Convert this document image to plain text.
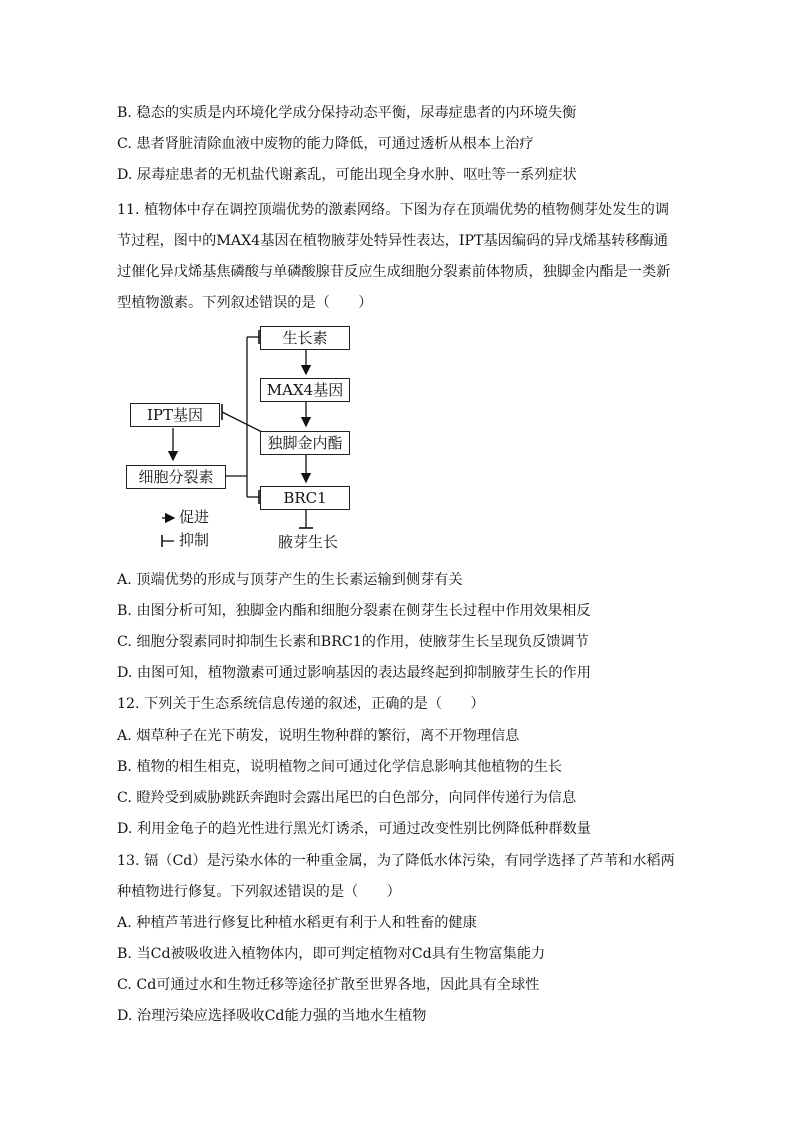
B. 稳态的实质是内环境化学成分保持动态平衡，尿毒症患者的内环境失衡
C. 患者肾脏清除血液中废物的能力降低，可通过透析从根本上治疗
D. 尿毒症患者的无机盐代谢紊乱，可能出现全身水肿、呕吐等一系列症状
11. 植物体中存在调控顶端优势的激素网络。下图为存在顶端优势的植物侧芽处发生的调节过程，图中的MAX4基因在植物腋芽处特异性表达，IPT基因编码的异戊烯基转移酶通过催化异戊烯基焦磷酸与单磷酸腺苷反应生成细胞分裂素前体物质，独脚金内酯是一类新型植物激素。下列叙述错误的是（　　）
生长素
MAX4基因
IPT基因
独脚金内酯
细胞分裂素
BRC1
腋芽生长
促进
抑制
A. 顶端优势的形成与顶芽产生的生长素运输到侧芽有关
B. 由图分析可知，独脚金内酯和细胞分裂素在侧芽生长过程中作用效果相反
C. 细胞分裂素同时抑制生长素和BRC1的作用，使腋芽生长呈现负反馈调节
D. 由图可知，植物激素可通过影响基因的表达最终起到抑制腋芽生长的作用
12. 下列关于生态系统信息传递的叙述，正确的是（　　）
A. 烟草种子在光下萌发，说明生物种群的繁衍，离不开物理信息
B. 植物的相生相克，说明植物之间可通过化学信息影响其他植物的生长
C. 瞪羚受到威胁跳跃奔跑时会露出尾巴的白色部分，向同伴传递行为信息
D. 利用金龟子的趋光性进行黑光灯诱杀，可通过改变性别比例降低种群数量
13. 镉（Cd）是污染水体的一种重金属，为了降低水体污染，有同学选择了芦苇和水稻两种植物进行修复。下列叙述错误的是（　　）
A. 种植芦苇进行修复比种植水稻更有利于人和牲畜的健康
B. 当Cd被吸收进入植物体内，即可判定植物对Cd具有生物富集能力
C. Cd可通过水和生物迁移等途径扩散至世界各地，因此具有全球性
D. 治理污染应选择吸收Cd能力强的当地水生植物
